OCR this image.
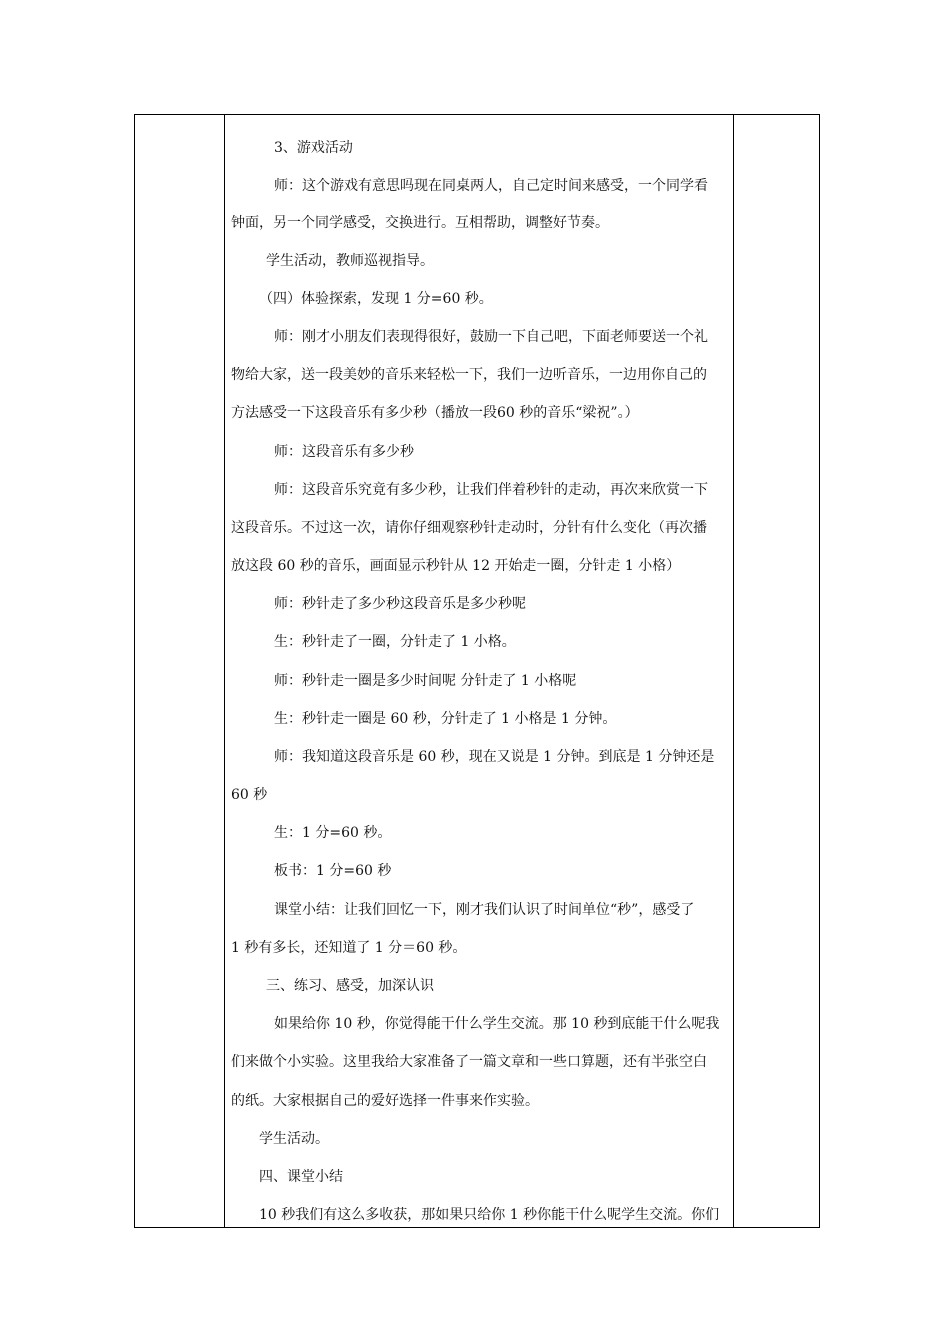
3、游戏活动
师：这个游戏有意思吗现在同桌两人，自己定时间来感受，一个同学看
钟面，另一个同学感受，交换进行。互相帮助，调整好节奏。
学生活动，教师巡视指导。
（四）体验探索，发现 1 分=60 秒。
师：刚才小朋友们表现得很好，鼓励一下自己吧，下面老师要送一个礼
物给大家，送一段美妙的音乐来轻松一下，我们一边听音乐，一边用你自己的
方法感受一下这段音乐有多少秒（播放一段60 秒的音乐“梁祝”。）
师：这段音乐有多少秒
师：这段音乐究竟有多少秒，让我们伴着秒针的走动，再次来欣赏一下
这段音乐。不过这一次，请你仔细观察秒针走动时，分针有什么变化（再次播
放这段 60 秒的音乐，画面显示秒针从 12 开始走一圈，分针走 1 小格）
师：秒针走了多少秒这段音乐是多少秒呢
生：秒针走了一圈，分针走了 1 小格。
师：秒针走一圈是多少时间呢 分针走了 1 小格呢
生：秒针走一圈是 60 秒，分针走了 1 小格是 1 分钟。
师：我知道这段音乐是 60 秒，现在又说是 1 分钟。到底是 1 分钟还是
60 秒
生：1 分=60 秒。
板书：1 分=60 秒
课堂小结：让我们回忆一下，刚才我们认识了时间单位“秒”，感受了
1 秒有多长，还知道了 1 分＝60 秒。
三、练习、感受，加深认识
如果给你 10 秒，你觉得能干什么学生交流。那 10 秒到底能干什么呢我
们来做个小实验。这里我给大家准备了一篇文章和一些口算题，还有半张空白
的纸。大家根据自己的爱好选择一件事来作实验。
学生活动。
四、课堂小结
10 秒我们有这么多收获，那如果只给你 1 秒你能干什么呢学生交流。你们
